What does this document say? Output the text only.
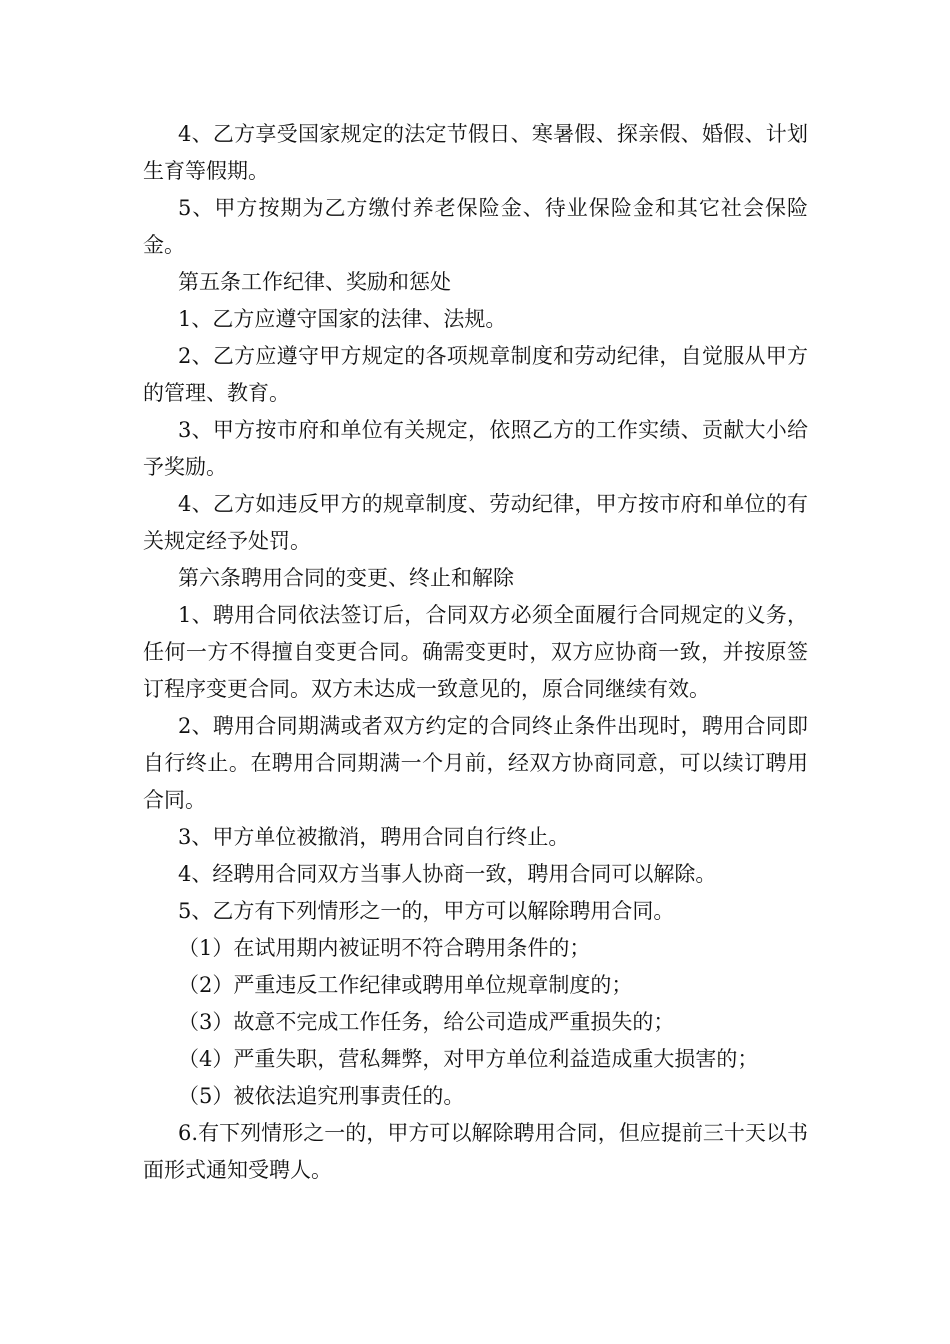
4、乙方享受国家规定的法定节假日、寒暑假、探亲假、婚假、计划生育等假期。

5、甲方按期为乙方缴付养老保险金、待业保险金和其它社会保险金。

第五条工作纪律、奖励和惩处

1、乙方应遵守国家的法律、法规。

2、乙方应遵守甲方规定的各项规章制度和劳动纪律，自觉服从甲方的管理、教育。

3、甲方按市府和单位有关规定，依照乙方的工作实绩、贡献大小给予奖励。

4、乙方如违反甲方的规章制度、劳动纪律，甲方按市府和单位的有关规定经予处罚。

第六条聘用合同的变更、终止和解除

1、聘用合同依法签订后，合同双方必须全面履行合同规定的义务，任何一方不得擅自变更合同。确需变更时，双方应协商一致，并按原签订程序变更合同。双方未达成一致意见的，原合同继续有效。

2、聘用合同期满或者双方约定的合同终止条件出现时，聘用合同即自行终止。在聘用合同期满一个月前，经双方协商同意，可以续订聘用合同。

3、甲方单位被撤消，聘用合同自行终止。

4、经聘用合同双方当事人协商一致，聘用合同可以解除。

5、乙方有下列情形之一的，甲方可以解除聘用合同。

（1）在试用期内被证明不符合聘用条件的；

（2）严重违反工作纪律或聘用单位规章制度的；

（3）故意不完成工作任务，给公司造成严重损失的；

（4）严重失职，营私舞弊，对甲方单位利益造成重大损害的；

（5）被依法追究刑事责任的。

6.有下列情形之一的，甲方可以解除聘用合同，但应提前三十天以书面形式通知受聘人。
